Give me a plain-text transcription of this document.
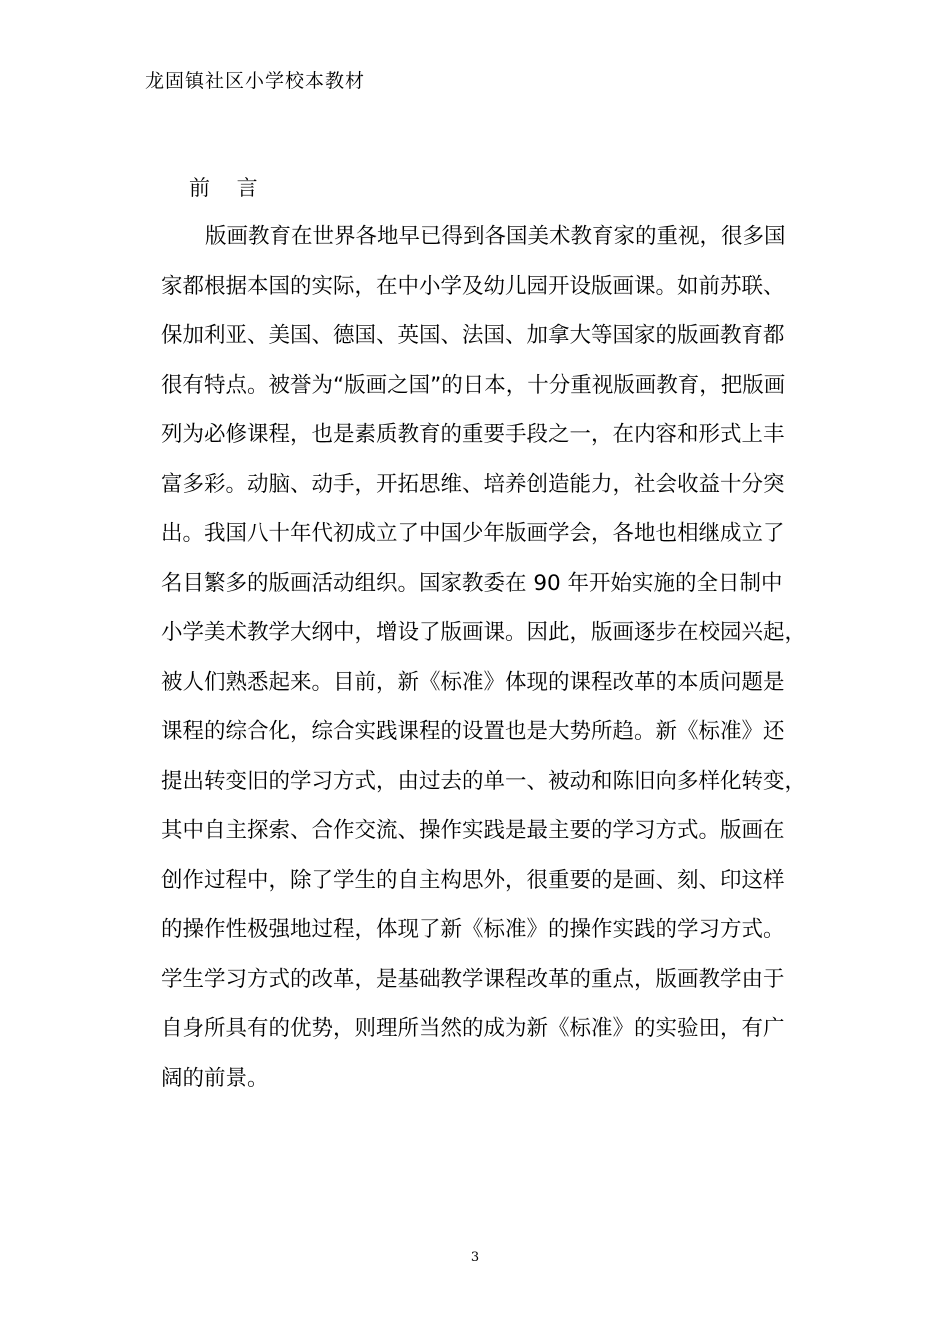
龙固镇社区小学校本教材
前 言
版画教育在世界各地早已得到各国美术教育家的重视，很多国
家都根据本国的实际，在中小学及幼儿园开设版画课。如前苏联、
保加利亚、美国、德国、英国、法国、加拿大等国家的版画教育都
很有特点。被誉为“版画之国”的日本，十分重视版画教育，把版画
列为必修课程，也是素质教育的重要手段之一，在内容和形式上丰
富多彩。动脑、动手，开拓思维、培养创造能力，社会收益十分突
出。我国八十年代初成立了中国少年版画学会，各地也相继成立了
名目繁多的版画活动组织。国家教委在 90 年开始实施的全日制中
小学美术教学大纲中，增设了版画课。因此，版画逐步在校园兴起，
被人们熟悉起来。目前，新《标准》体现的课程改革的本质问题是
课程的综合化，综合实践课程的设置也是大势所趋。新《标准》还
提出转变旧的学习方式，由过去的单一、被动和陈旧向多样化转变，
其中自主探索、合作交流、操作实践是最主要的学习方式。版画在
创作过程中，除了学生的自主构思外，很重要的是画、刻、印这样
的操作性极强地过程，体现了新《标准》的操作实践的学习方式。
学生学习方式的改革，是基础教学课程改革的重点，版画教学由于
自身所具有的优势，则理所当然的成为新《标准》的实验田，有广
阔的前景。
3
